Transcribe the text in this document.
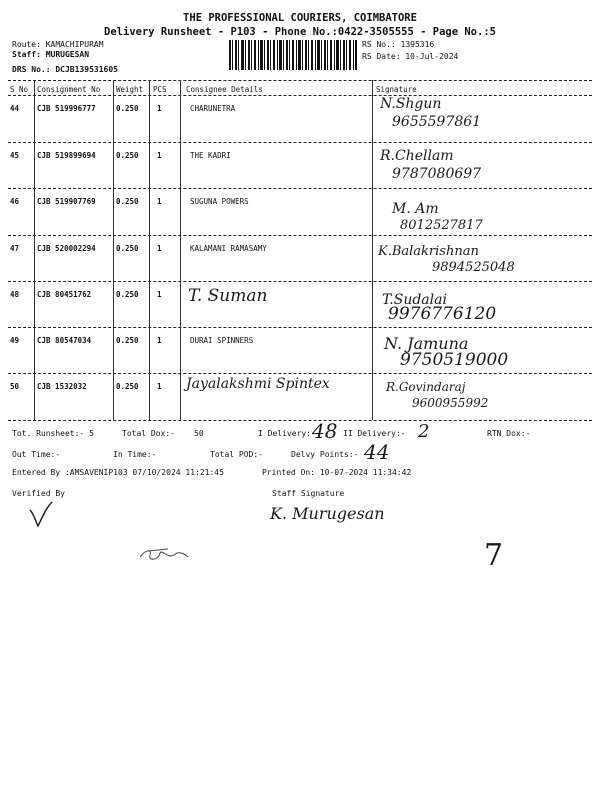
THE PROFESSIONAL COURIERS, COIMBATORE
Delivery Runsheet - P103 - Phone No.:0422-3505555 - Page No.:5
Route: KAMACHIPURAM
Staff: MURUGESAN
DRS No.: DCJB139531605
RS No.: 1395316
RS Date: 10-Jul-2024
S No Consignment No Weight PCS	Consignee Details	Signature
44 CJB 519996777	0.250 1	CHARUNETRA	N.Shgun
9655597861
45 CJB 519899694	0.250 1	THE KADRI	R.Chellam
9787080697
46 CJB 519907769	0.250 1	SUGUNA POWERS	M. Am
8012527817
47 CJB 520002294	0.250 1	KALAMANI RAMASAMY	K.Balakrishnan
9894525048
48 CJB 80451762	0.250 1 T. Suman	T.Sudalai
9976776120
49 CJB 80547034	0.250 1	DURAI SPINNERS	N. Jamuna
9750519000
50 CJB 1532032	0.250 1 Jayalakshmi Spintex	R.Govindaraj
9600955992
Tot. Runsheet:- 5	Total Dox:- 50	I Delivery:-
48 II Delivery:- 2	RTN Dox:-
Out Time:-	In Time:-	Total POD:-	Delvy Points:- 44
Entered By :AMSAVENIP103 07/10/2024 11:21:45	Printed On: 10-07-2024 11:34:42
Verified By	Staff Signature
K. Murugesan
7
